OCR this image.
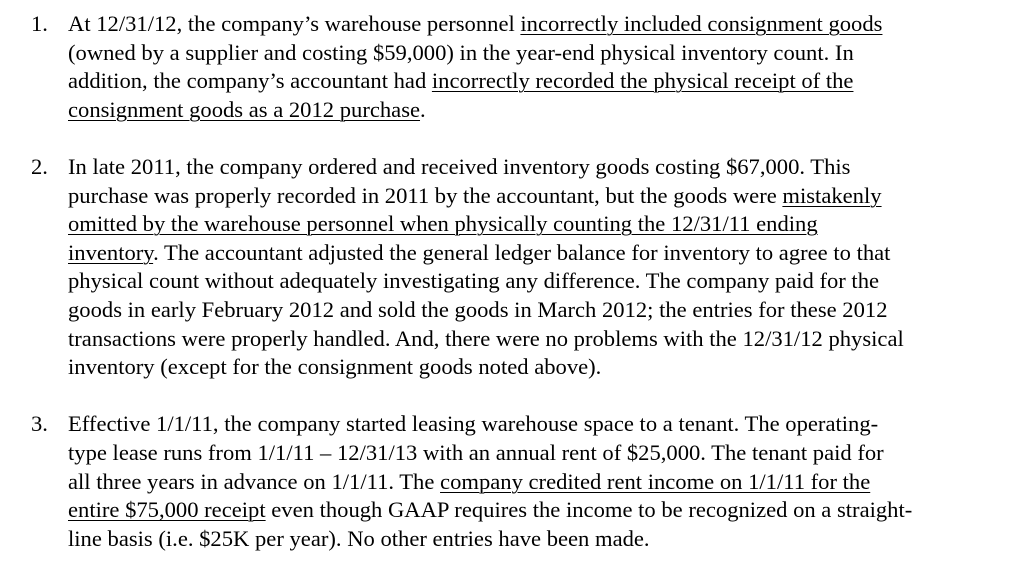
1. At 12/31/12, the company’s warehouse personnel incorrectly included consignment goods
(owned by a supplier and costing $59,000) in the year-end physical inventory count. In
addition, the company’s accountant had incorrectly recorded the physical receipt of the
consignment goods as a 2012 purchase.
2. In late 2011, the company ordered and received inventory goods costing $67,000. This
purchase was properly recorded in 2011 by the accountant, but the goods were mistakenly
omitted by the warehouse personnel when physically counting the 12/31/11 ending
inventory. The accountant adjusted the general ledger balance for inventory to agree to that
physical count without adequately investigating any difference. The company paid for the
goods in early February 2012 and sold the goods in March 2012; the entries for these 2012
transactions were properly handled. And, there were no problems with the 12/31/12 physical
inventory (except for the consignment goods noted above).
3. Effective 1/1/11, the company started leasing warehouse space to a tenant. The operating-
type lease runs from 1/1/11 – 12/31/13 with an annual rent of $25,000. The tenant paid for
all three years in advance on 1/1/11. The company credited rent income on 1/1/11 for the
entire $75,000 receipt even though GAAP requires the income to be recognized on a straight-
line basis (i.e. $25K per year). No other entries have been made.
